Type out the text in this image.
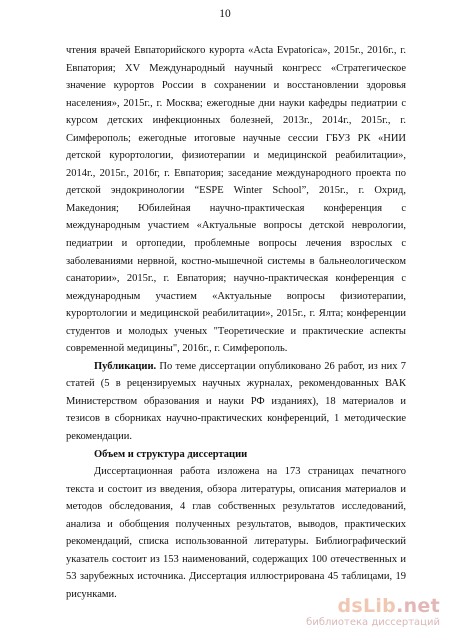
10

чтения врачей Евпаторийского курорта «Acta Evpatorica», 2015г., 2016г., г. Евпатория; XV Международный научный конгресс «Стратегическое значение курортов России в сохранении и восстановлении здоровья населения», 2015г., г. Москва; ежегодные дни науки кафедры педиатрии с курсом детских инфекционных болезней, 2013г., 2014г., 2015г., г. Симферополь; ежегодные итоговые научные сессии ГБУЗ РК «НИИ детской курортологии, физиотерапии и медицинской реабилитации», 2014г., 2015г., 2016г, г. Евпатория; заседание международного проекта по детской эндокринологии “ESPE Winter School”, 2015г., г. Охрид, Македония; Юбилейная научно-практическая конференция с международным участием «Актуальные вопросы детской неврологии, педиатрии и ортопедии, проблемные вопросы лечения взрослых с заболеваниями нервной, костно-мышечной системы в бальнеологическом санатории», 2015г., г. Евпатория; научно-практическая конференция с международным участием «Актуальные вопросы физиотерапии, курортологии и медицинской реабилитации», 2015г., г. Ялта; конференции студентов и молодых ученых "Теоретические и практические аспекты современной медицины", 2016г., г. Симферополь.

Публикации. По теме диссертации опубликовано 26 работ, из них 7 статей (5 в рецензируемых научных журналах, рекомендованных ВАК Министерством образования и науки РФ изданиях), 18 материалов и тезисов в сборниках научно-практических конференций, 1 методические рекомендации.

Объем и структура диссертации

Диссертационная работа изложена на 173 страницах печатного текста и состоит из введения, обзора литературы, описания материалов и методов обследования, 4 глав собственных результатов исследований, анализа и обобщения полученных результатов, выводов, практических рекомендаций, списка использованной литературы. Библиографический указатель состоит из 153 наименований, содержащих 100 отечественных и 53 зарубежных источника. Диссертация иллюстрирована 45 таблицами, 19 рисунками.

dsLib.net
библиотека диссертаций
